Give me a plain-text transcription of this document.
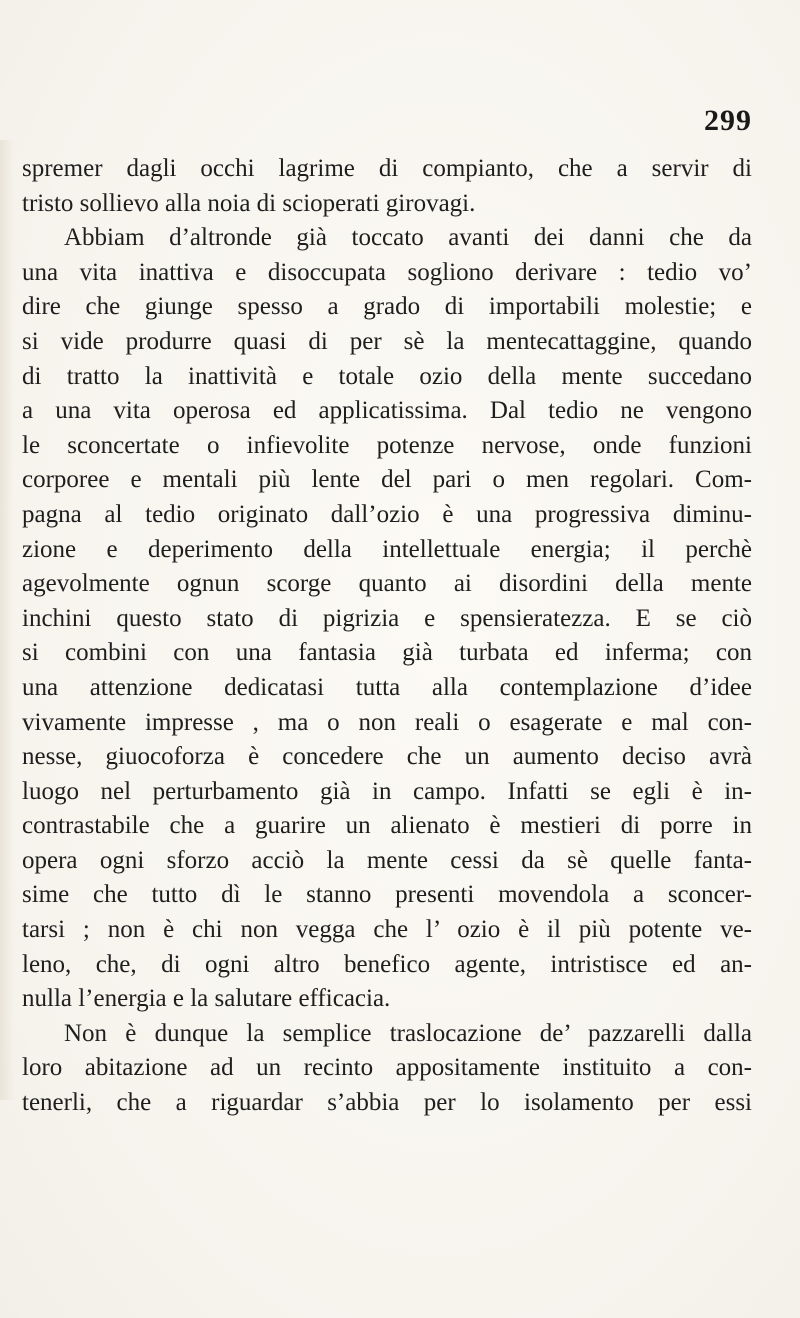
299
spremer dagli occhi lagrime di compianto, che a servir di
tristo sollievo alla noia di scioperati girovagi.
Abbiam d’altronde già toccato avanti dei danni che da
una vita inattiva e disoccupata sogliono derivare : tedio vo’
dire che giunge spesso a grado di importabili molestie; e
si vide produrre quasi di per sè la mentecattaggine, quando
di tratto la inattività e totale ozio della mente succedano
a una vita operosa ed applicatissima. Dal tedio ne vengono
le sconcertate o infievolite potenze nervose, onde funzioni
corporee e mentali più lente del pari o men regolari. Com-
pagna al tedio originato dall’ozio è una progressiva diminu-
zione e deperimento della intellettuale energia; il perchè
agevolmente ognun scorge quanto ai disordini della mente
inchini questo stato di pigrizia e spensieratezza. E se ciò
si combini con una fantasia già turbata ed inferma; con
una attenzione dedicatasi tutta alla contemplazione d’idee
vivamente impresse , ma o non reali o esagerate e mal con-
nesse, giuocoforza è concedere che un aumento deciso avrà
luogo nel perturbamento già in campo. Infatti se egli è in-
contrastabile che a guarire un alienato è mestieri di porre in
opera ogni sforzo acciò la mente cessi da sè quelle fanta-
sime che tutto dì le stanno presenti movendola a sconcer-
tarsi ; non è chi non vegga che l’ ozio è il più potente ve-
leno, che, di ogni altro benefico agente, intristisce ed an-
nulla l’energia e la salutare efficacia.
Non è dunque la semplice traslocazione de’ pazzarelli dalla
loro abitazione ad un recinto appositamente instituito a con-
tenerli, che a riguardar s’abbia per lo isolamento per essi
